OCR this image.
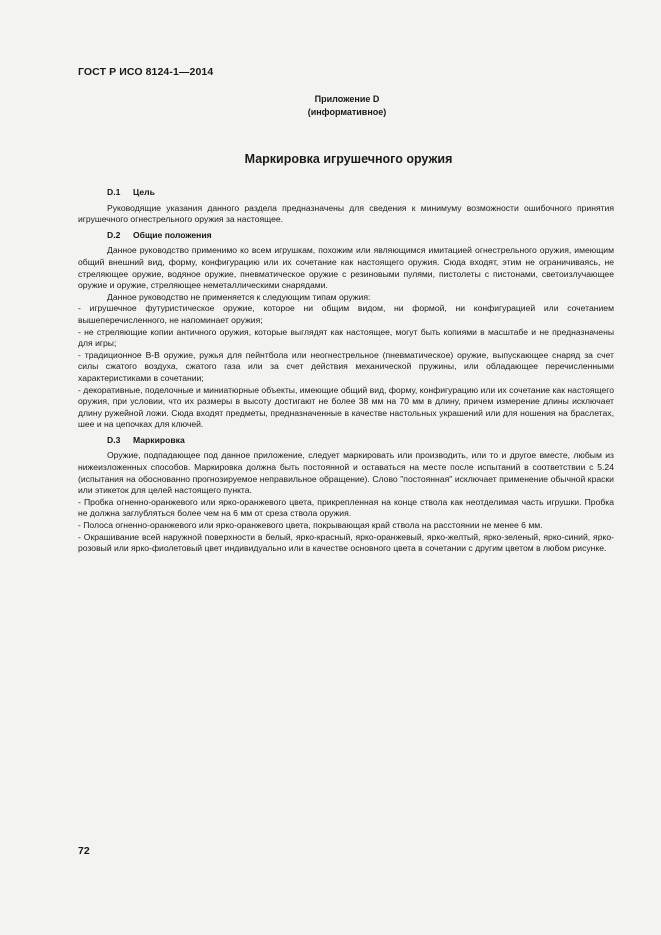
ГОСТ Р ИСО 8124-1—2014
Приложение D
(информативное)
Маркировка игрушечного оружия
D.1 Цель

Руководящие указания данного раздела предназначены для сведения к минимуму возможности ошибочного принятия игрушечного огнестрельного оружия за настоящее.

D.2 Общие положения

Данное руководство применимо ко всем игрушкам, похожим или являющимся имитацией огнестрельного оружия, имеющим общий внешний вид, форму, конфигурацию или их сочетание как настоящего оружия. Сюда входят, этим не ограничиваясь, не стреляющее оружие, водяное оружие, пневматическое оружие с резиновыми пулями, пистолеты с пистонами, светоизлучающее оружие и оружие, стреляющее неметаллическими снарядами.

Данное руководство не применяется к следующим типам оружия:

- игрушечное футуристическое оружие, которое ни общим видом, ни формой, ни конфигурацией или сочетанием вышеперечисленного, не напоминает оружия;

- не стреляющие копии античного оружия, которые выглядят как настоящее, могут быть копиями в масштабе и не предназначены для игры;

- традиционное В-В оружие, ружья для пейнтбола или неогнестрельное (пневматическое) оружие, выпускающее снаряд за счет силы сжатого воздуха, сжатого газа или за счет действия механической пружины, или обладающее перечисленными характеристиками в сочетании;

- декоративные, поделочные и миниатюрные объекты, имеющие общий вид, форму, конфигурацию или их сочетание как настоящего оружия, при условии, что их размеры в высоту достигают не более 38 мм на 70 мм в длину, причем измерение длины исключает длину ружейной ложи. Сюда входят предметы, предназначенные в качестве настольных украшений или для ношения на браслетах, шее и на цепочках для ключей.

D.3 Маркировка

Оружие, подпадающее под данное приложение, следует маркировать или производить, или то и другое вместе, любым из нижеизложенных способов. Маркировка должна быть постоянной и оставаться на месте после испытаний в соответствии с 5.24 (испытания на обоснованно прогнозируемое неправильное обращение). Слово "постоянная" исключает применение обычной краски или этикеток для целей настоящего пункта.

- Пробка огненно-оранжевого или ярко-оранжевого цвета, прикрепленная на конце ствола как неотделимая часть игрушки. Пробка не должна заглубляться более чем на 6 мм от среза ствола оружия.

- Полоса огненно-оранжевого или ярко-оранжевого цвета, покрывающая край ствола на расстоянии не менее 6 мм.

- Окрашивание всей наружной поверхности в белый, ярко-красный, ярко-оранжевый, ярко-желтый, ярко-зеленый, ярко-синий, ярко-розовый или ярко-фиолетовый цвет индивидуально или в качестве основного цвета в сочетании с другим цветом в любом рисунке.

72
